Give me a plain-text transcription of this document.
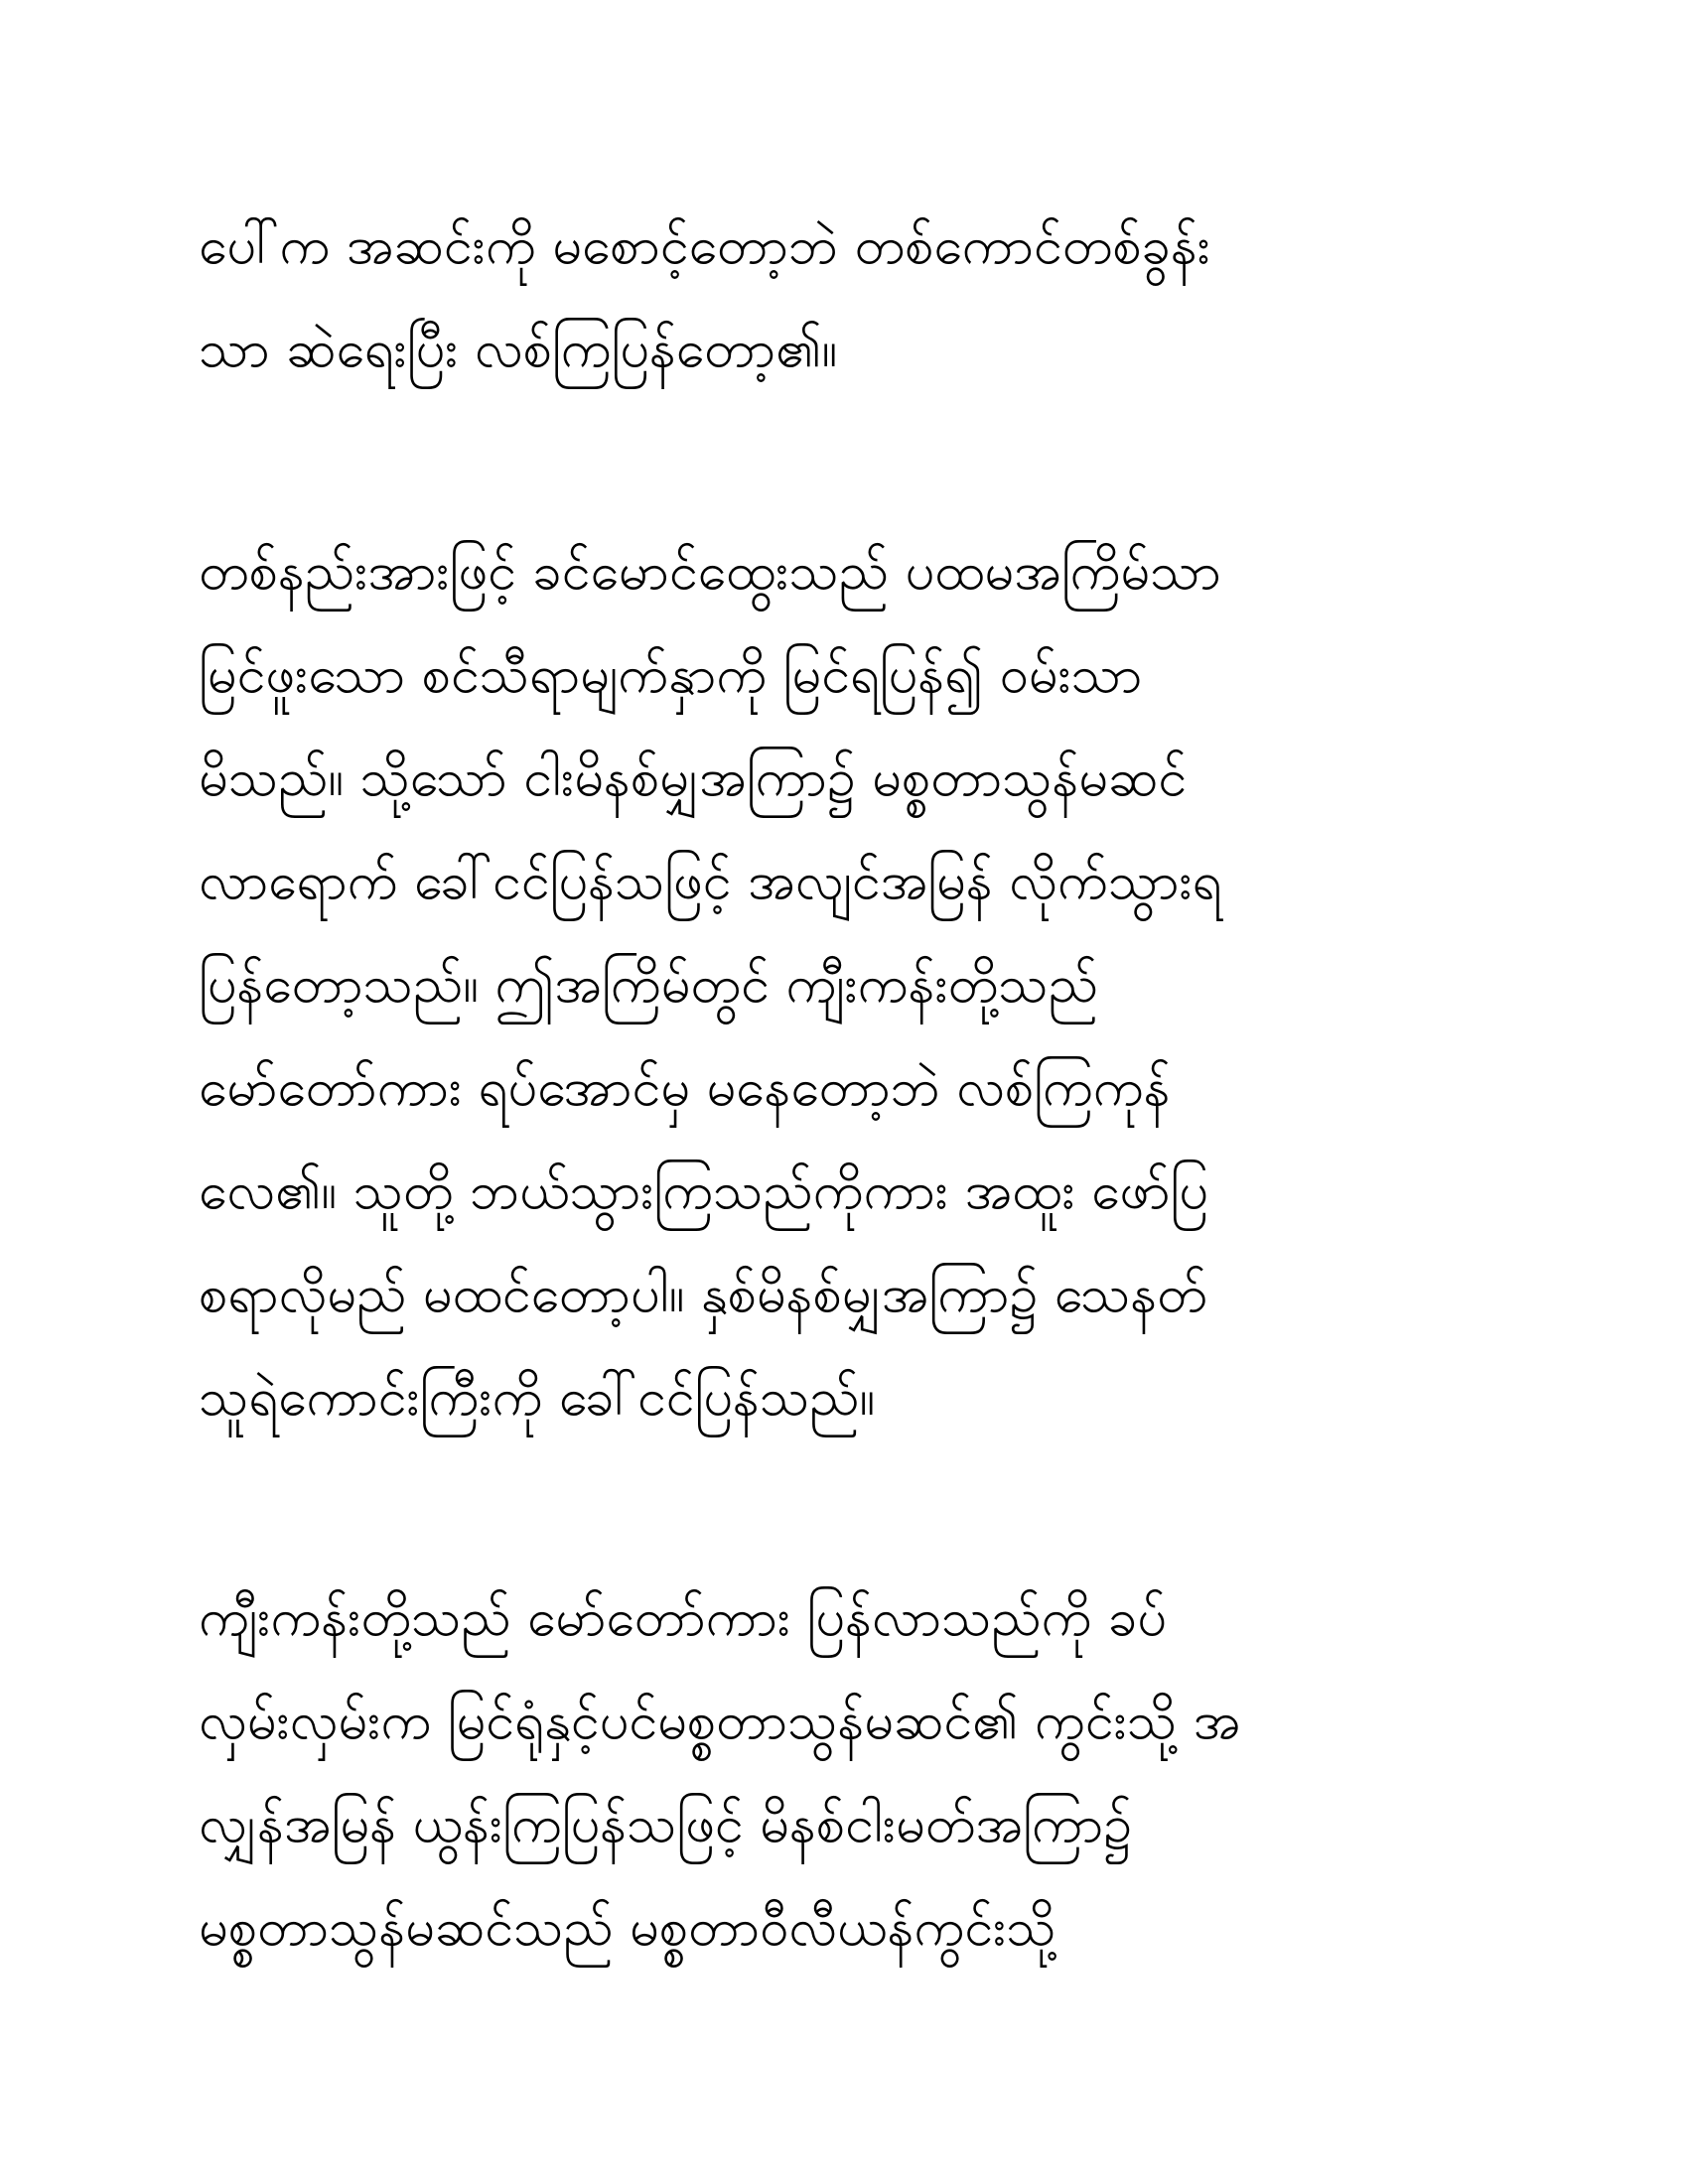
ပေါ်က အဆင်းကို မစောင့်တော့ဘဲ တစ်ကောင်တစ်ခွန်း
သာ ဆဲရေးပြီး လစ်ကြပြန်တော့၏။
တစ်နည်းအားဖြင့် ခင်မောင်ထွေးသည် ပထမအကြိမ်သာ
မြင်ဖူးသော စင်သီရာမျက်နှာကို မြင်ရပြန်၍ ဝမ်းသာ
မိသည်။ သို့သော် ငါးမိနစ်မျှအကြာ၌ မစ္စတာသွန်မဆင်
လာရောက် ခေါ်ငင်ပြန်သဖြင့် အလျင်အမြန် လိုက်သွားရ
ပြန်တော့သည်။ ဤအကြိမ်တွင် ကျီးကန်းတို့သည်
မော်တော်ကား ရပ်အောင်မှ မနေတော့ဘဲ လစ်ကြကုန်
လေ၏။ သူတို့ ဘယ်သွားကြသည်ကိုကား အထူး ဖော်ပြ
စရာလိုမည် မထင်တော့ပါ။ နှစ်မိနစ်မျှအကြာ၌ သေနတ်
သူရဲကောင်းကြီးကို ခေါ်ငင်ပြန်သည်။
ကျီးကန်းတို့သည် မော်တော်ကား ပြန်လာသည်ကို ခပ်
လှမ်းလှမ်းက မြင်ရုံနှင့်ပင်မစ္စတာသွန်မဆင်၏ ကွင်းသို့ အ
လျှန်အမြန် ယွန်းကြပြန်သဖြင့် မိနစ်ငါးမတ်အကြာ၌
မစ္စတာသွန်မဆင်သည် မစ္စတာဝီလီယန်ကွင်းသို့
